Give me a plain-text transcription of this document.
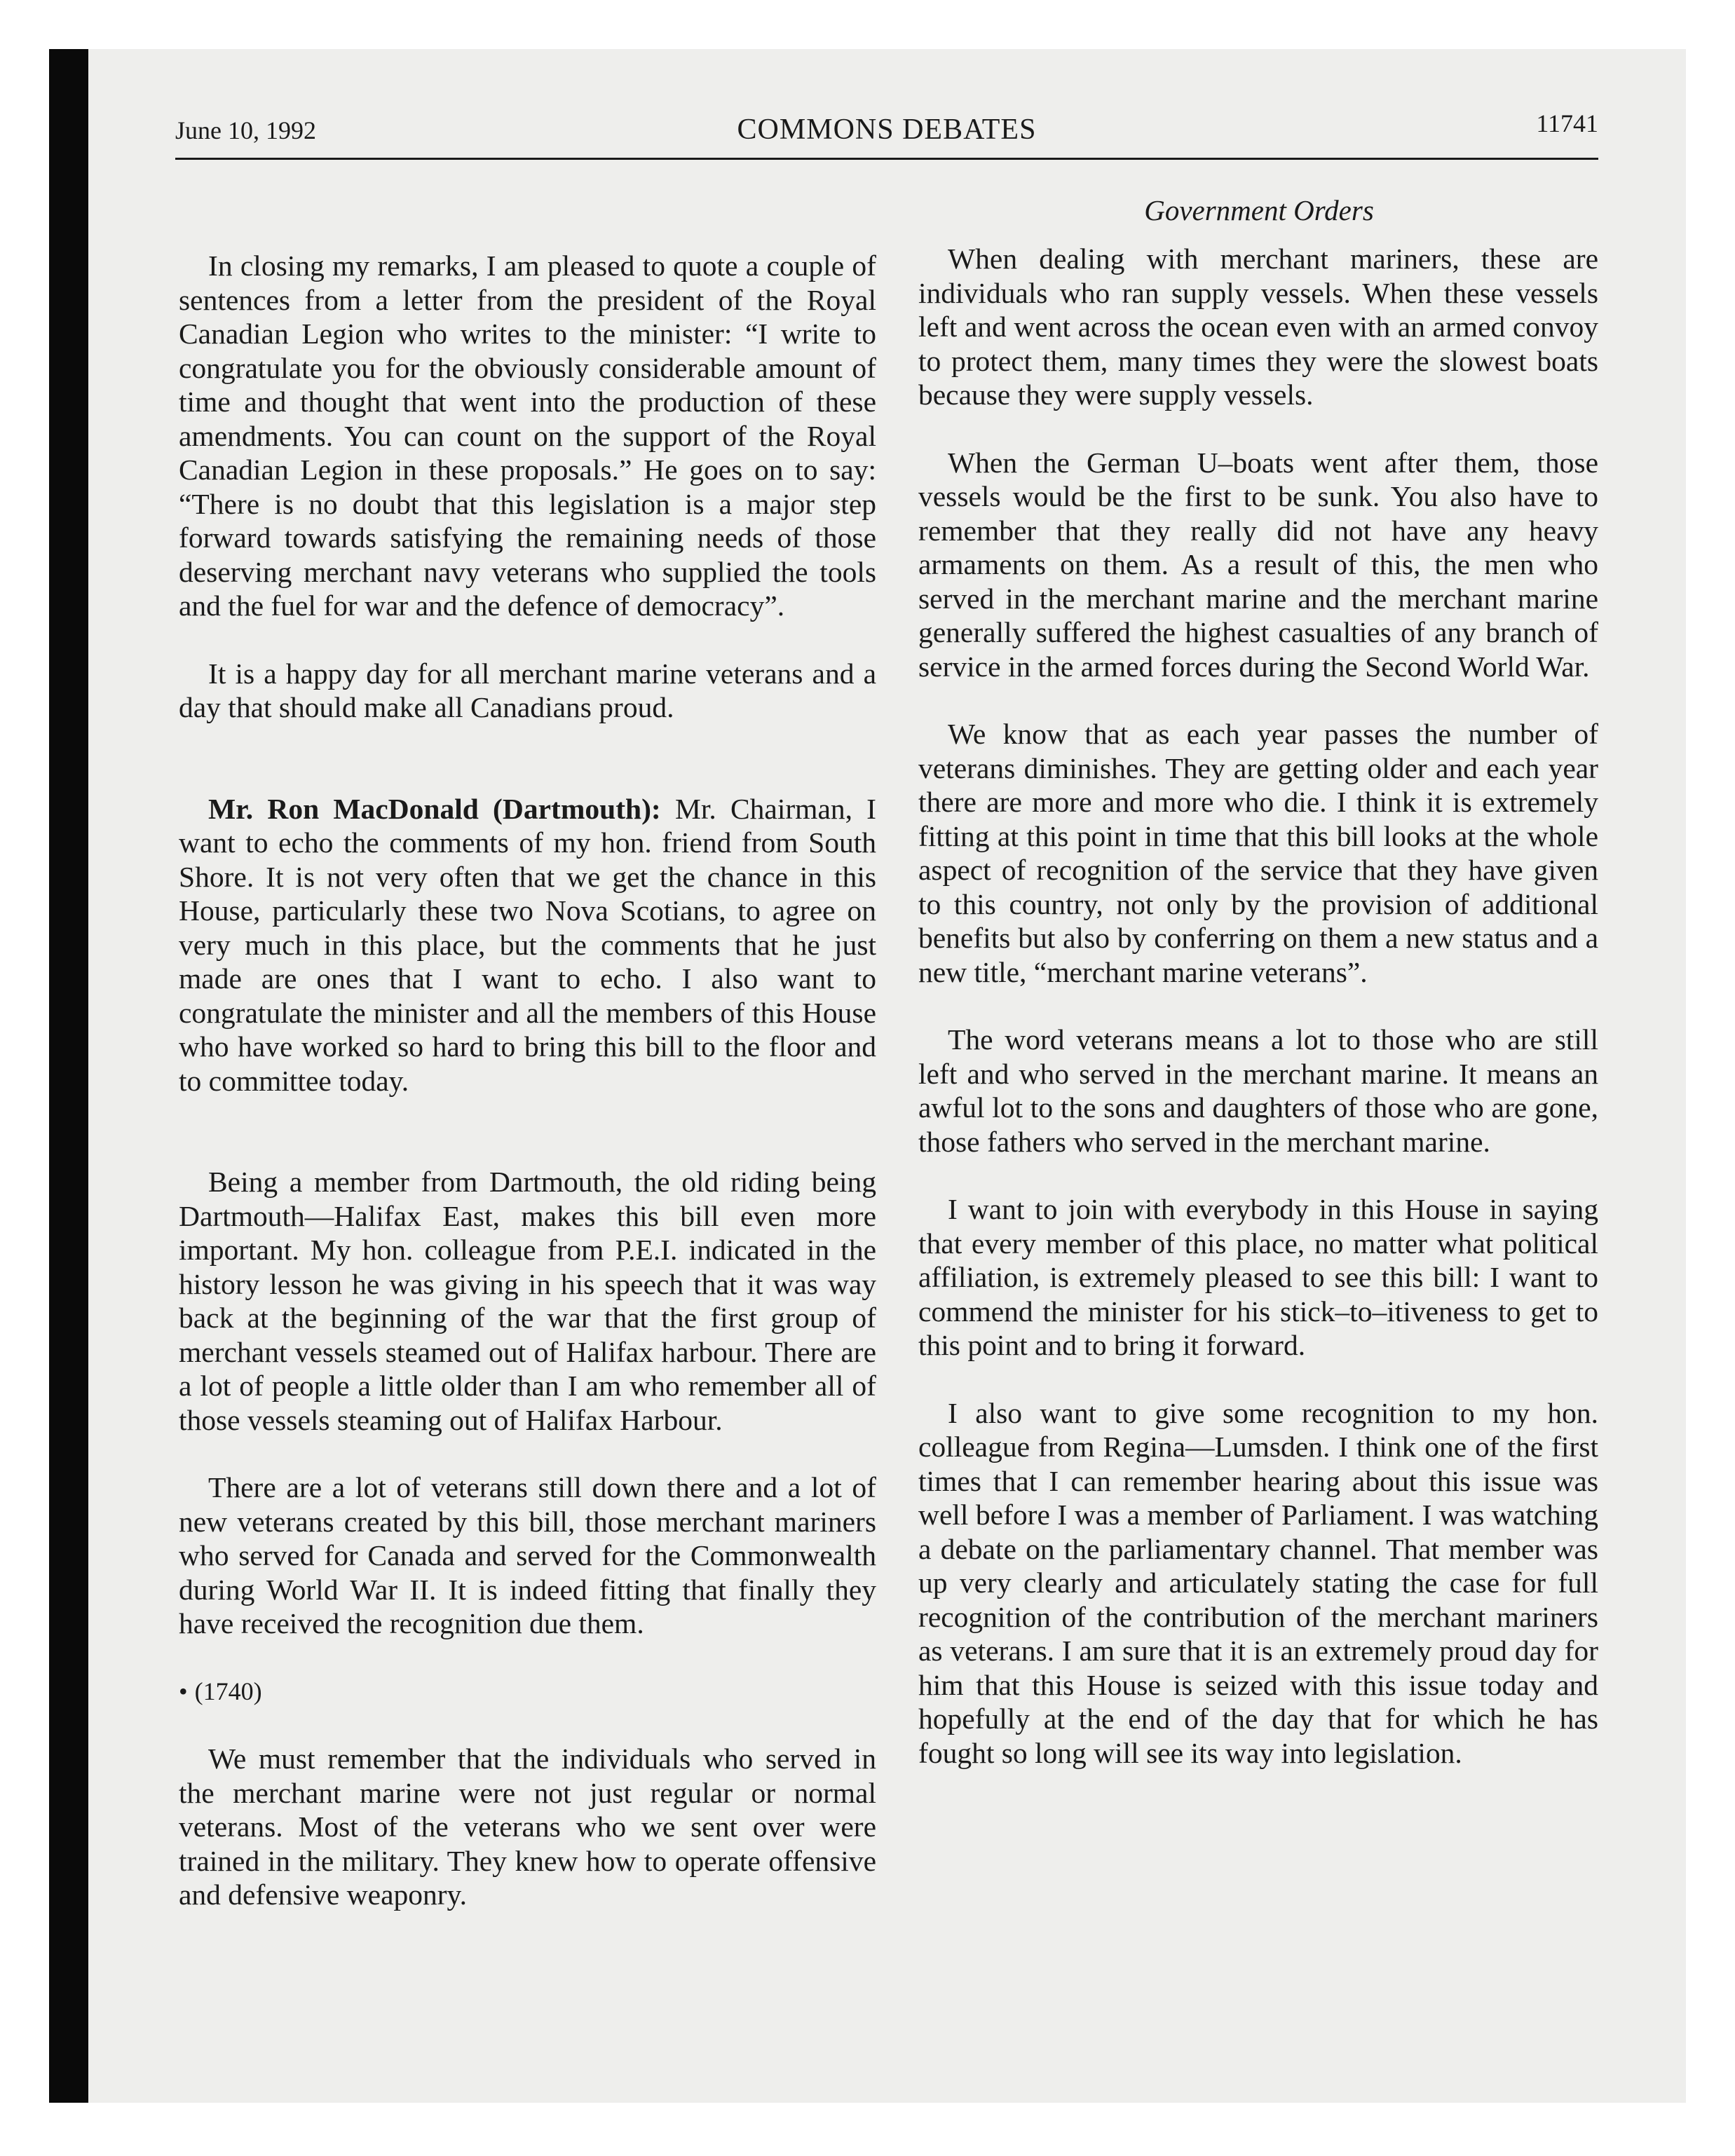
June 10, 1992	COMMONS DEBATES	11741
Government Orders

In closing my remarks, I am pleased to quote a couple of sentences from a letter from the president of the Royal Canadian Legion who writes to the minister: “I write to congratulate you for the obviously considerable amount of time and thought that went into the production of these amendments. You can count on the support of the Royal Canadian Legion in these proposals.” He goes on to say: “There is no doubt that this legislation is a major step forward towards satisfying the remaining needs of those deserving merchant navy veterans who supplied the tools and the fuel for war and the defence of democracy”.

It is a happy day for all merchant marine veterans and a day that should make all Canadians proud.

Mr. Ron MacDonald (Dartmouth): Mr. Chairman, I want to echo the comments of my hon. friend from South Shore. It is not very often that we get the chance in this House, particularly these two Nova Scotians, to agree on very much in this place, but the comments that he just made are ones that I want to echo. I also want to congratulate the minister and all the members of this House who have worked so hard to bring this bill to the floor and to committee today.

Being a member from Dartmouth, the old riding being Dartmouth—Halifax East, makes this bill even more important. My hon. colleague from P.E.I. indicated in the history lesson he was giving in his speech that it was way back at the beginning of the war that the first group of merchant vessels steamed out of Halifax harbour. There are a lot of people a little older than I am who remember all of those vessels steaming out of Halifax Harbour.

There are a lot of veterans still down there and a lot of new veterans created by this bill, those merchant mariners who served for Canada and served for the Commonwealth during World War II. It is indeed fitting that finally they have received the recognition due them.

• (1740)

We must remember that the individuals who served in the merchant marine were not just regular or normal veterans. Most of the veterans who we sent over were trained in the military. They knew how to operate offensive and defensive weaponry.

When dealing with merchant mariners, these are individuals who ran supply vessels. When these vessels left and went across the ocean even with an armed convoy to protect them, many times they were the slowest boats because they were supply vessels.

When the German U–boats went after them, those vessels would be the first to be sunk. You also have to remember that they really did not have any heavy armaments on them. As a result of this, the men who served in the merchant marine and the merchant marine generally suffered the highest casualties of any branch of service in the armed forces during the Second World War.

We know that as each year passes the number of veterans diminishes. They are getting older and each year there are more and more who die. I think it is extremely fitting at this point in time that this bill looks at the whole aspect of recognition of the service that they have given to this country, not only by the provision of additional benefits but also by conferring on them a new status and a new title, “merchant marine veterans”.

The word veterans means a lot to those who are still left and who served in the merchant marine. It means an awful lot to the sons and daughters of those who are gone, those fathers who served in the merchant marine.

I want to join with everybody in this House in saying that every member of this place, no matter what political affiliation, is extremely pleased to see this bill: I want to commend the minister for his stick–to–itiveness to get to this point and to bring it forward.

I also want to give some recognition to my hon. colleague from Regina—Lumsden. I think one of the first times that I can remember hearing about this issue was well before I was a member of Parliament. I was watching a debate on the parliamentary channel. That member was up very clearly and articulately stating the case for full recognition of the contribution of the merchant mariners as veterans. I am sure that it is an extremely proud day for him that this House is seized with this issue today and hopefully at the end of the day that for which he has fought so long will see its way into legislation.
